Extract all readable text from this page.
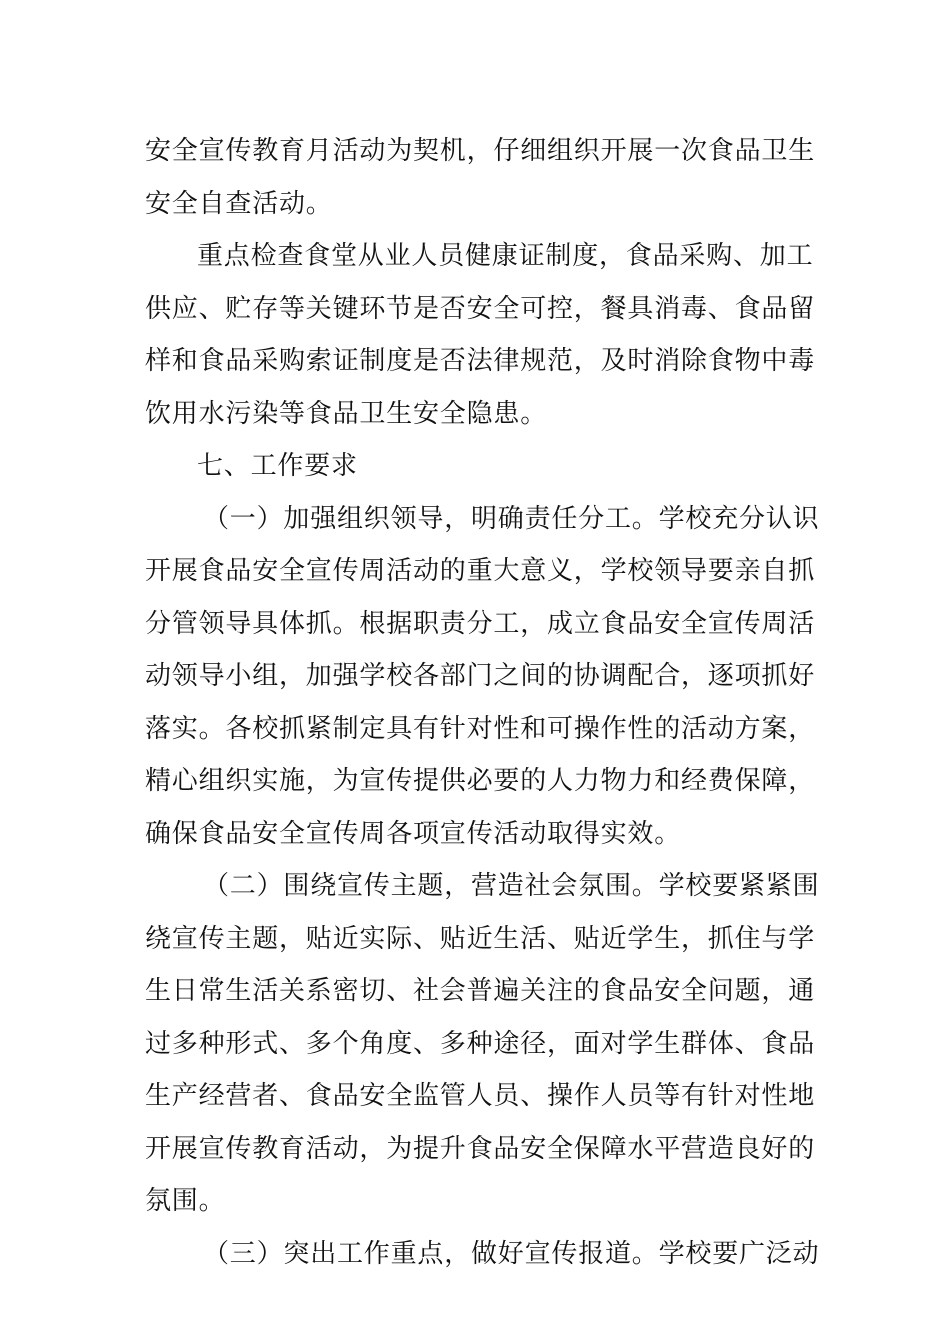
安全宣传教育月活动为契机，仔细组织开展一次食品卫生
安全自查活动。
重点检查食堂从业人员健康证制度，食品采购、加工
供应、贮存等关键环节是否安全可控，餐具消毒、食品留
样和食品采购索证制度是否法律规范，及时消除食物中毒
饮用水污染等食品卫生安全隐患。
七、工作要求
（一）加强组织领导，明确责任分工。学校充分认识
开展食品安全宣传周活动的重大意义，学校领导要亲自抓
分管领导具体抓。根据职责分工，成立食品安全宣传周活
动领导小组，加强学校各部门之间的协调配合，逐项抓好
落实。各校抓紧制定具有针对性和可操作性的活动方案，
精心组织实施，为宣传提供必要的人力物力和经费保障，
确保食品安全宣传周各项宣传活动取得实效。
（二）围绕宣传主题，营造社会氛围。学校要紧紧围
绕宣传主题，贴近实际、贴近生活、贴近学生，抓住与学
生日常生活关系密切、社会普遍关注的食品安全问题，通
过多种形式、多个角度、多种途径，面对学生群体、食品
生产经营者、食品安全监管人员、操作人员等有针对性地
开展宣传教育活动，为提升食品安全保障水平营造良好的
氛围。
（三）突出工作重点，做好宣传报道。学校要广泛动
